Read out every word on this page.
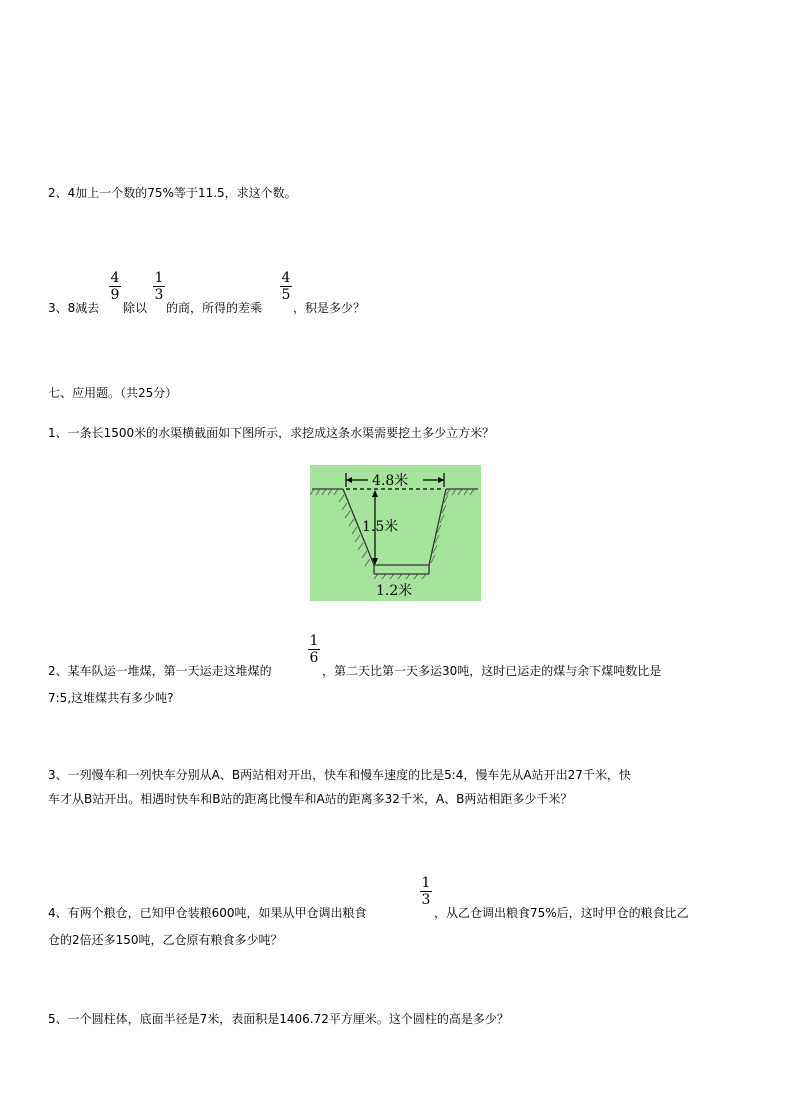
2、4加上一个数的75%等于11.5，求这个数。
3、8减去
4
9
除以
1
3
的商，所得的差乘
4
5
，积是多少？
七、应用题。（共25分）
1、一条长1500米的水渠横截面如下图所示，求挖成这条水渠需要挖土多少立方米？
4.8米
1.5米
1.2米
2、某车队运一堆煤，第一天运走这堆煤的
1
6
，第二天比第一天多运30吨，这时已运走的煤与余下煤吨数比是
7:5,这堆煤共有多少吨?
3、一列慢车和一列快车分别从A、B两站相对开出，快车和慢车速度的比是5:4，慢车先从A站开出27千米，快
车才从B站开出。相遇时快车和B站的距离比慢车和A站的距离多32千米，A、B两站相距多少千米？
4、有两个粮仓，已知甲仓装粮600吨，如果从甲仓调出粮食
1
3
，从乙仓调出粮食75%后，这时甲仓的粮食比乙
仓的2倍还多150吨，乙仓原有粮食多少吨？
5、一个圆柱体，底面半径是7米，表面积是1406.72平方厘米。这个圆柱的高是多少？
